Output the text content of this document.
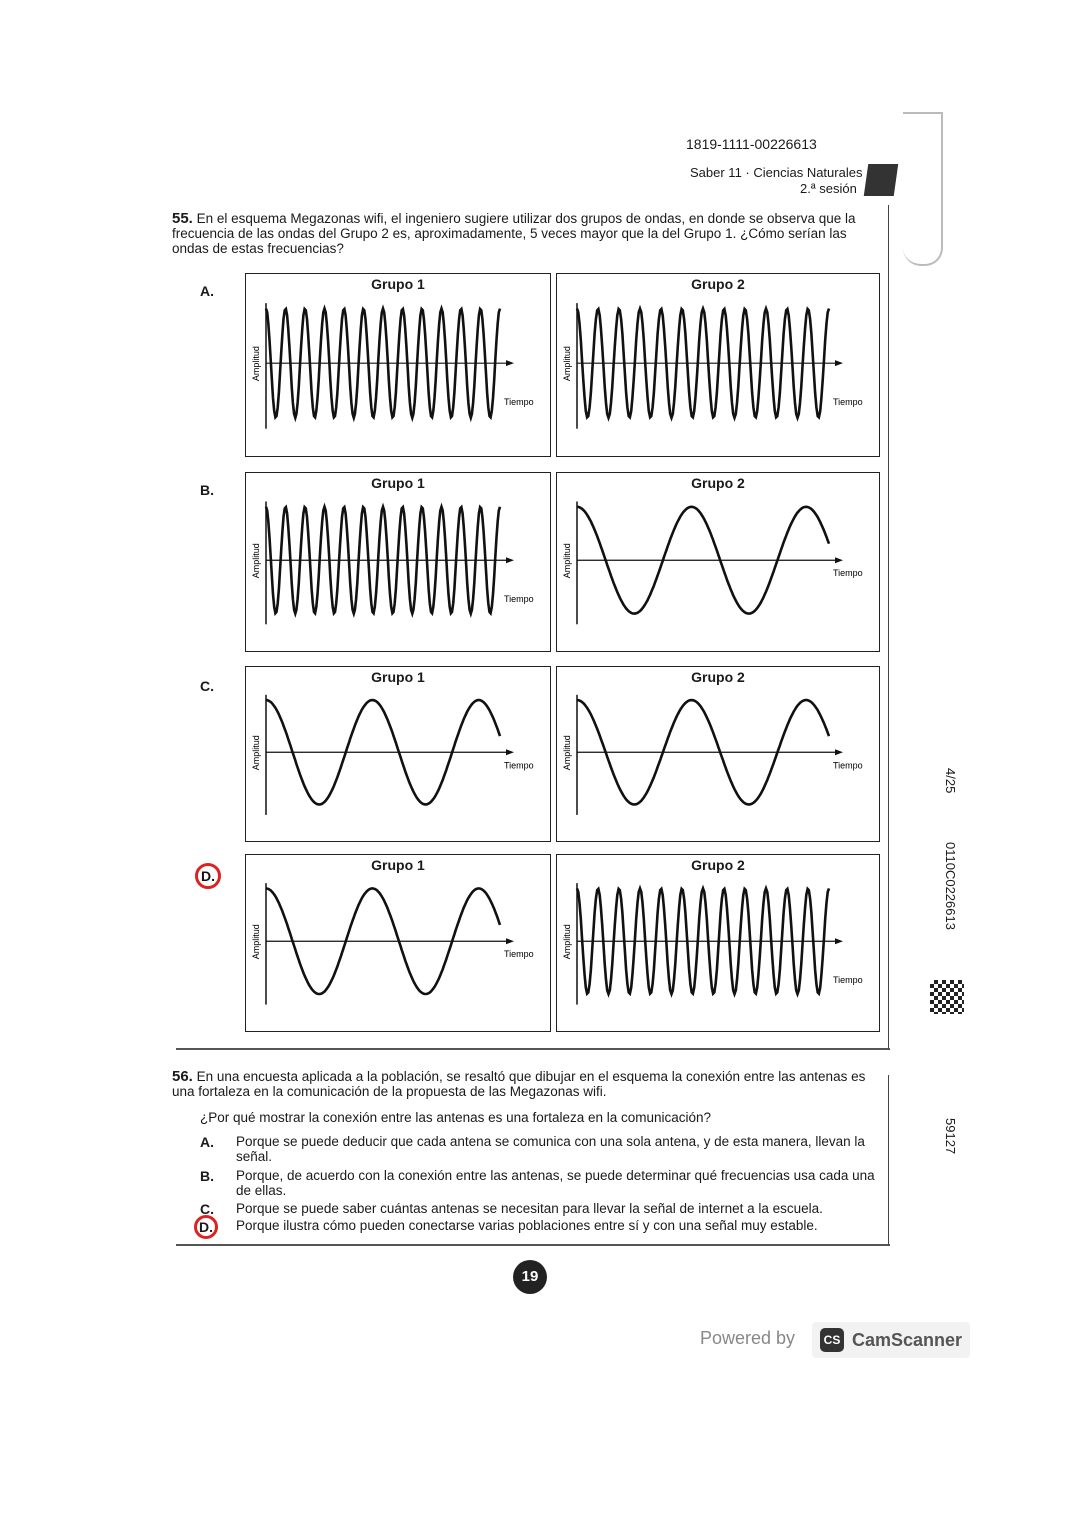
1819-1111-00226613
Saber 11 · Ciencias Naturales
2.ª sesión
55. En el esquema Megazonas wifi, el ingeniero sugiere utilizar dos grupos de ondas, en donde se observa que la frecuencia de las ondas del Grupo 2 es, aproximadamente, 5 veces mayor que la del Grupo 1. ¿Cómo serían las ondas de estas frecuencias?
A.	Grupo 1
Tiempo
Amplitud
Grupo 2
Tiempo
Amplitud
B.	Grupo 1
Tiempo
Amplitud
Grupo 2
Tiempo
Amplitud
C.
Grupo 1
Tiempo
Amplitud
Grupo 2
Tiempo
Amplitud
D.
Grupo 1
Tiempo
Amplitud
Grupo 2
Tiempo
Amplitud
56. En una encuesta aplicada a la población, se resaltó que dibujar en el esquema la conexión entre las antenas es una fortaleza en la comunicación de la propuesta de las Megazonas wifi.
¿Por qué mostrar la conexión entre las antenas es una fortaleza en la comunicación?
A. Porque se puede deducir que cada antena se comunica con una sola antena, y de esta manera, llevan la señal.
B. Porque, de acuerdo con la conexión entre las antenas, se puede determinar qué frecuencias usa cada una de ellas.
C. Porque se puede saber cuántas antenas se necesitan para llevar la señal de internet a la escuela.
D.	Porque ilustra cómo pueden conectarse varias poblaciones entre sí y con una señal muy estable.
4/25
0110C0226613
59127
19
Powered by	CS CamScanner
